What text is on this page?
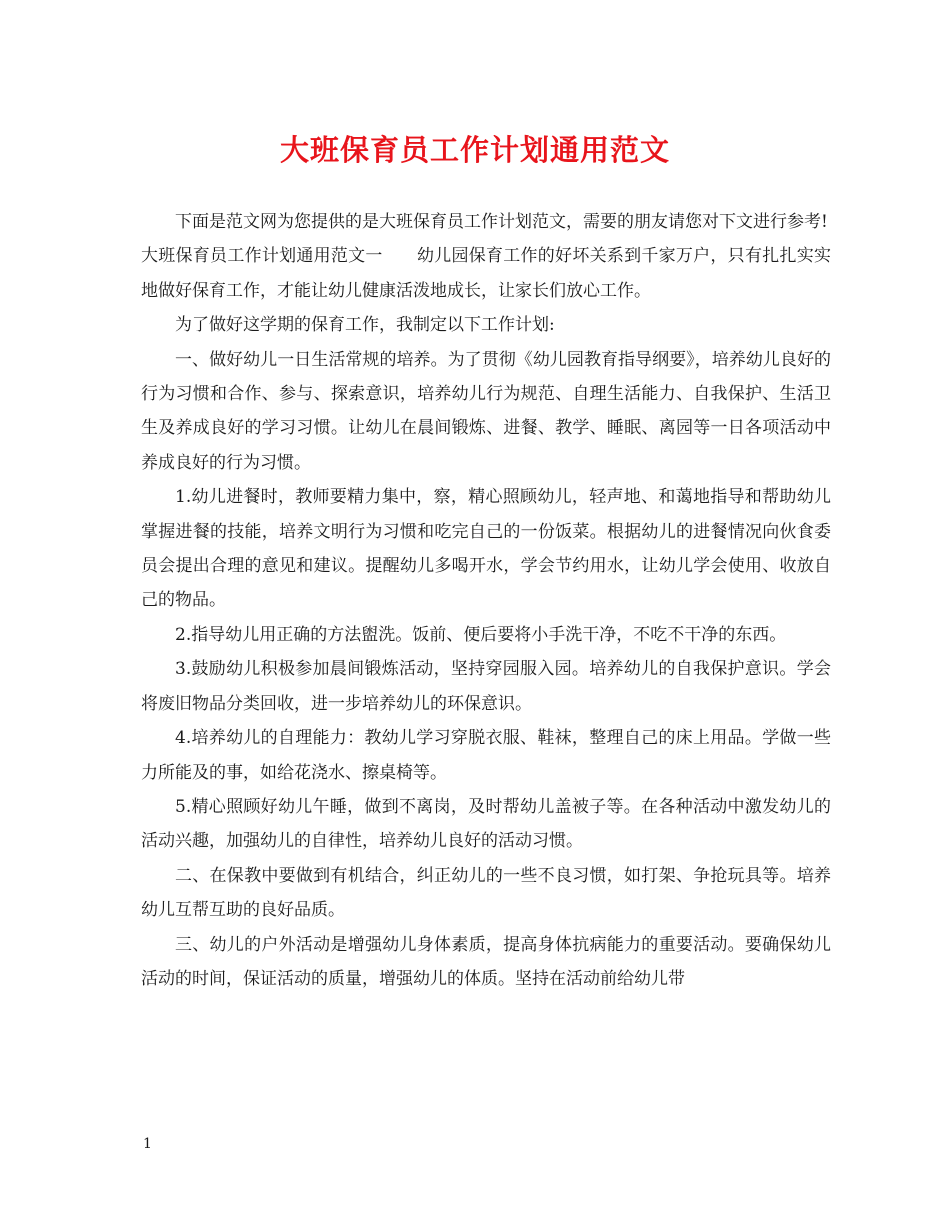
大班保育员工作计划通用范文

下面是范文网为您提供的是大班保育员工作计划范文，需要的朋友请您对下文进行参考!

大班保育员工作计划通用范文一 幼儿园保育工作的好坏关系到千家万户，只有扎扎实实地做好保育工作，才能让幼儿健康活泼地成长，让家长们放心工作。

为了做好这学期的保育工作，我制定以下工作计划:

一、做好幼儿一日生活常规的培养。为了贯彻《幼儿园教育指导纲要》，培养幼儿良好的行为习惯和合作、参与、探索意识，培养幼儿行为规范、自理生活能力、自我保护、生活卫生及养成良好的学习习惯。让幼儿在晨间锻炼、进餐、教学、睡眠、离园等一日各项活动中养成良好的行为习惯。

1.幼儿进餐时，教师要精力集中，察，精心照顾幼儿，轻声地、和蔼地指导和帮助幼儿掌握进餐的技能，培养文明行为习惯和吃完自己的一份饭菜。根据幼儿的进餐情况向伙食委员会提出合理的意见和建议。提醒幼儿多喝开水，学会节约用水，让幼儿学会使用、收放自己的物品。

2.指导幼儿用正确的方法盥洗。饭前、便后要将小手洗干净，不吃不干净的东西。

3.鼓励幼儿积极参加晨间锻炼活动，坚持穿园服入园。培养幼儿的自我保护意识。学会将废旧物品分类回收，进一步培养幼儿的环保意识。

4.培养幼儿的自理能力：教幼儿学习穿脱衣服、鞋袜，整理自己的床上用品。学做一些力所能及的事，如给花浇水、擦桌椅等。

5.精心照顾好幼儿午睡，做到不离岗，及时帮幼儿盖被子等。在各种活动中激发幼儿的活动兴趣，加强幼儿的自律性，培养幼儿良好的活动习惯。

二、在保教中要做到有机结合，纠正幼儿的一些不良习惯，如打架、争抢玩具等。培养幼儿互帮互助的良好品质。

三、幼儿的户外活动是增强幼儿身体素质，提高身体抗病能力的重要活动。要确保幼儿活动的时间，保证活动的质量，增强幼儿的体质。坚持在活动前给幼儿带

1
